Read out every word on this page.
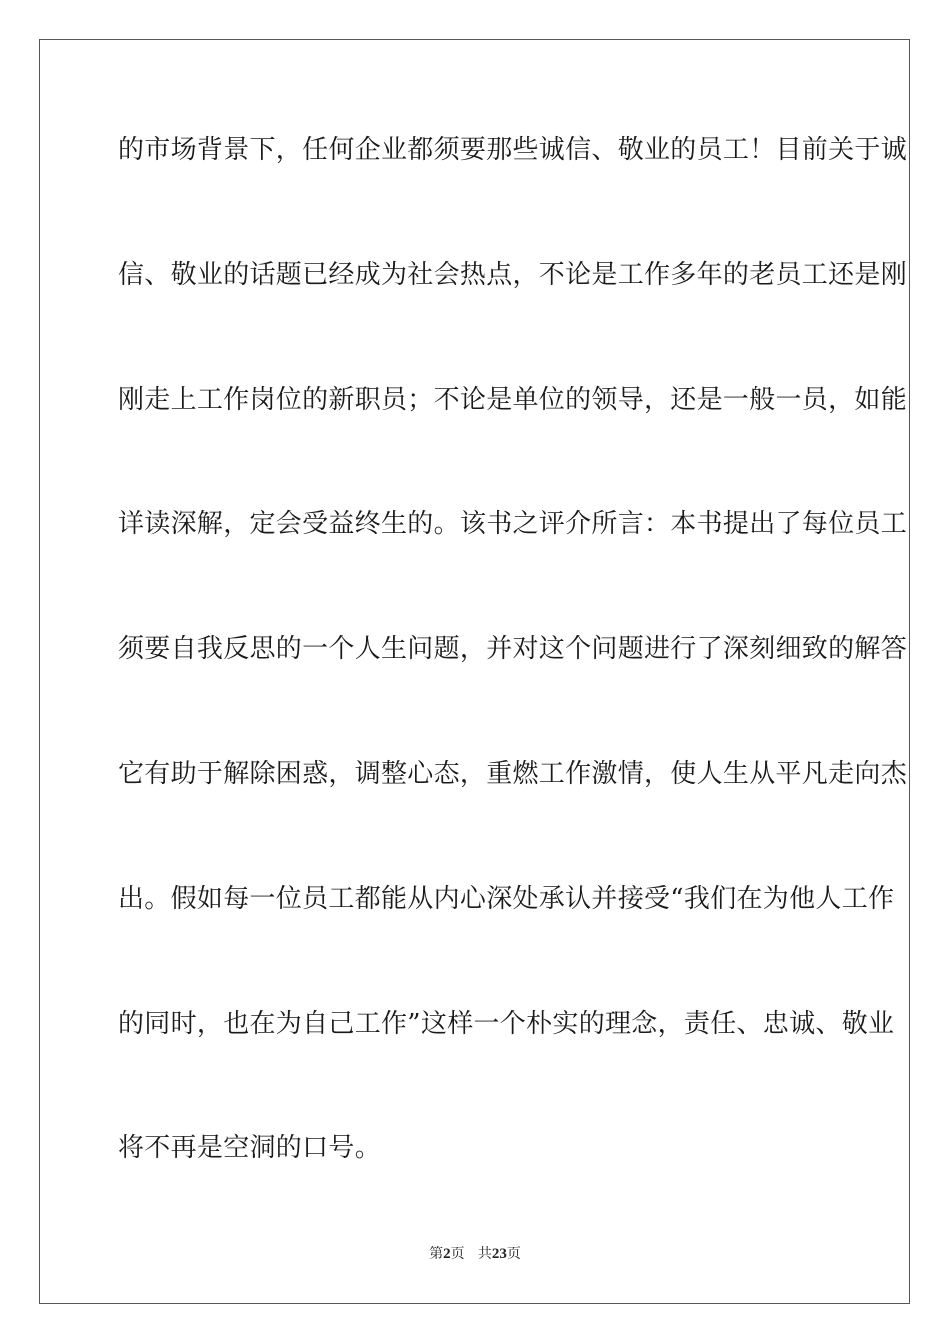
的市场背景下，任何企业都须要那些诚信、敬业的员工！目前关于诚
信、敬业的话题已经成为社会热点，不论是工作多年的老员工还是刚
刚走上工作岗位的新职员；不论是单位的领导，还是一般一员，如能
详读深解，定会受益终生的。该书之评介所言：本书提出了每位员工
须要自我反思的一个人生问题，并对这个问题进行了深刻细致的解答
它有助于解除困惑，调整心态，重燃工作激情，使人生从平凡走向杰
出。假如每一位员工都能从内心深处承认并接受“我们在为他人工作
的同时，也在为自己工作”这样一个朴实的理念，责任、忠诚、敬业
将不再是空洞的口号。
第2页 共23页
